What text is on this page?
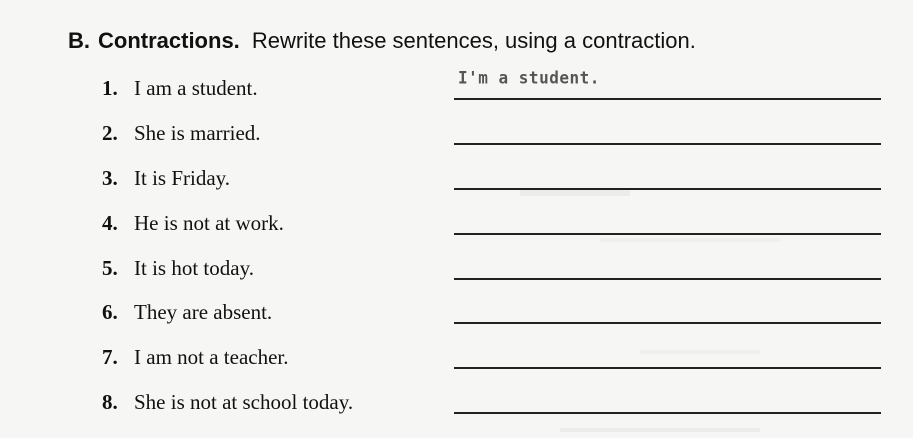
B. Contractions. Rewrite these sentences, using a contraction.
1. I am a student.	I'm a student.
2. She is married.
3. It is Friday.
4. He is not at work.
5. It is hot today.
6. They are absent.
7. I am not a teacher.
8. She is not at school today.
